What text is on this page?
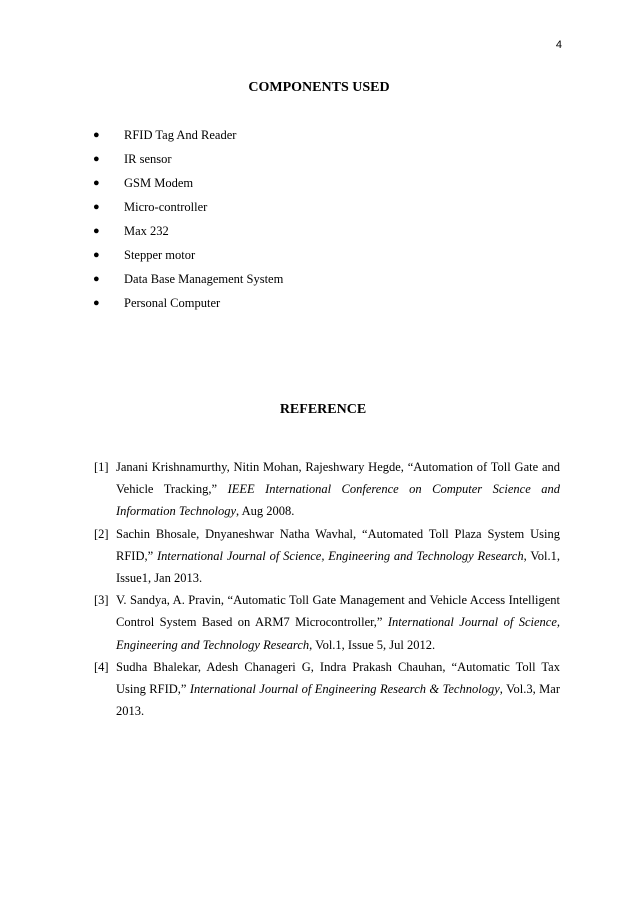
4
COMPONENTS USED
●	RFID Tag And Reader
●	IR sensor
●	GSM Modem
●	Micro-controller
●	Max 232
●	Stepper motor
●	Data Base Management System
●	Personal Computer
REFERENCE
[1] Janani Krishnamurthy, Nitin Mohan, Rajeshwary Hegde, “Automation of Toll Gate and Vehicle Tracking,” IEEE International Conference on Computer Science and Information Technology, Aug 2008.
[2] Sachin Bhosale, Dnyaneshwar Natha Wavhal, “Automated Toll Plaza System Using RFID,” International Journal of Science, Engineering and Technology Research, Vol.1, Issue1, Jan 2013.
[3] V. Sandya, A. Pravin, “Automatic Toll Gate Management and Vehicle Access Intelligent Control System Based on ARM7 Microcontroller,” International Journal of Science, Engineering and Technology Research, Vol.1, Issue 5, Jul 2012.
[4] Sudha Bhalekar, Adesh Chanageri G, Indra Prakash Chauhan, “Automatic Toll Tax Using RFID,” International Journal of Engineering Research & Technology, Vol.3, Mar 2013.
